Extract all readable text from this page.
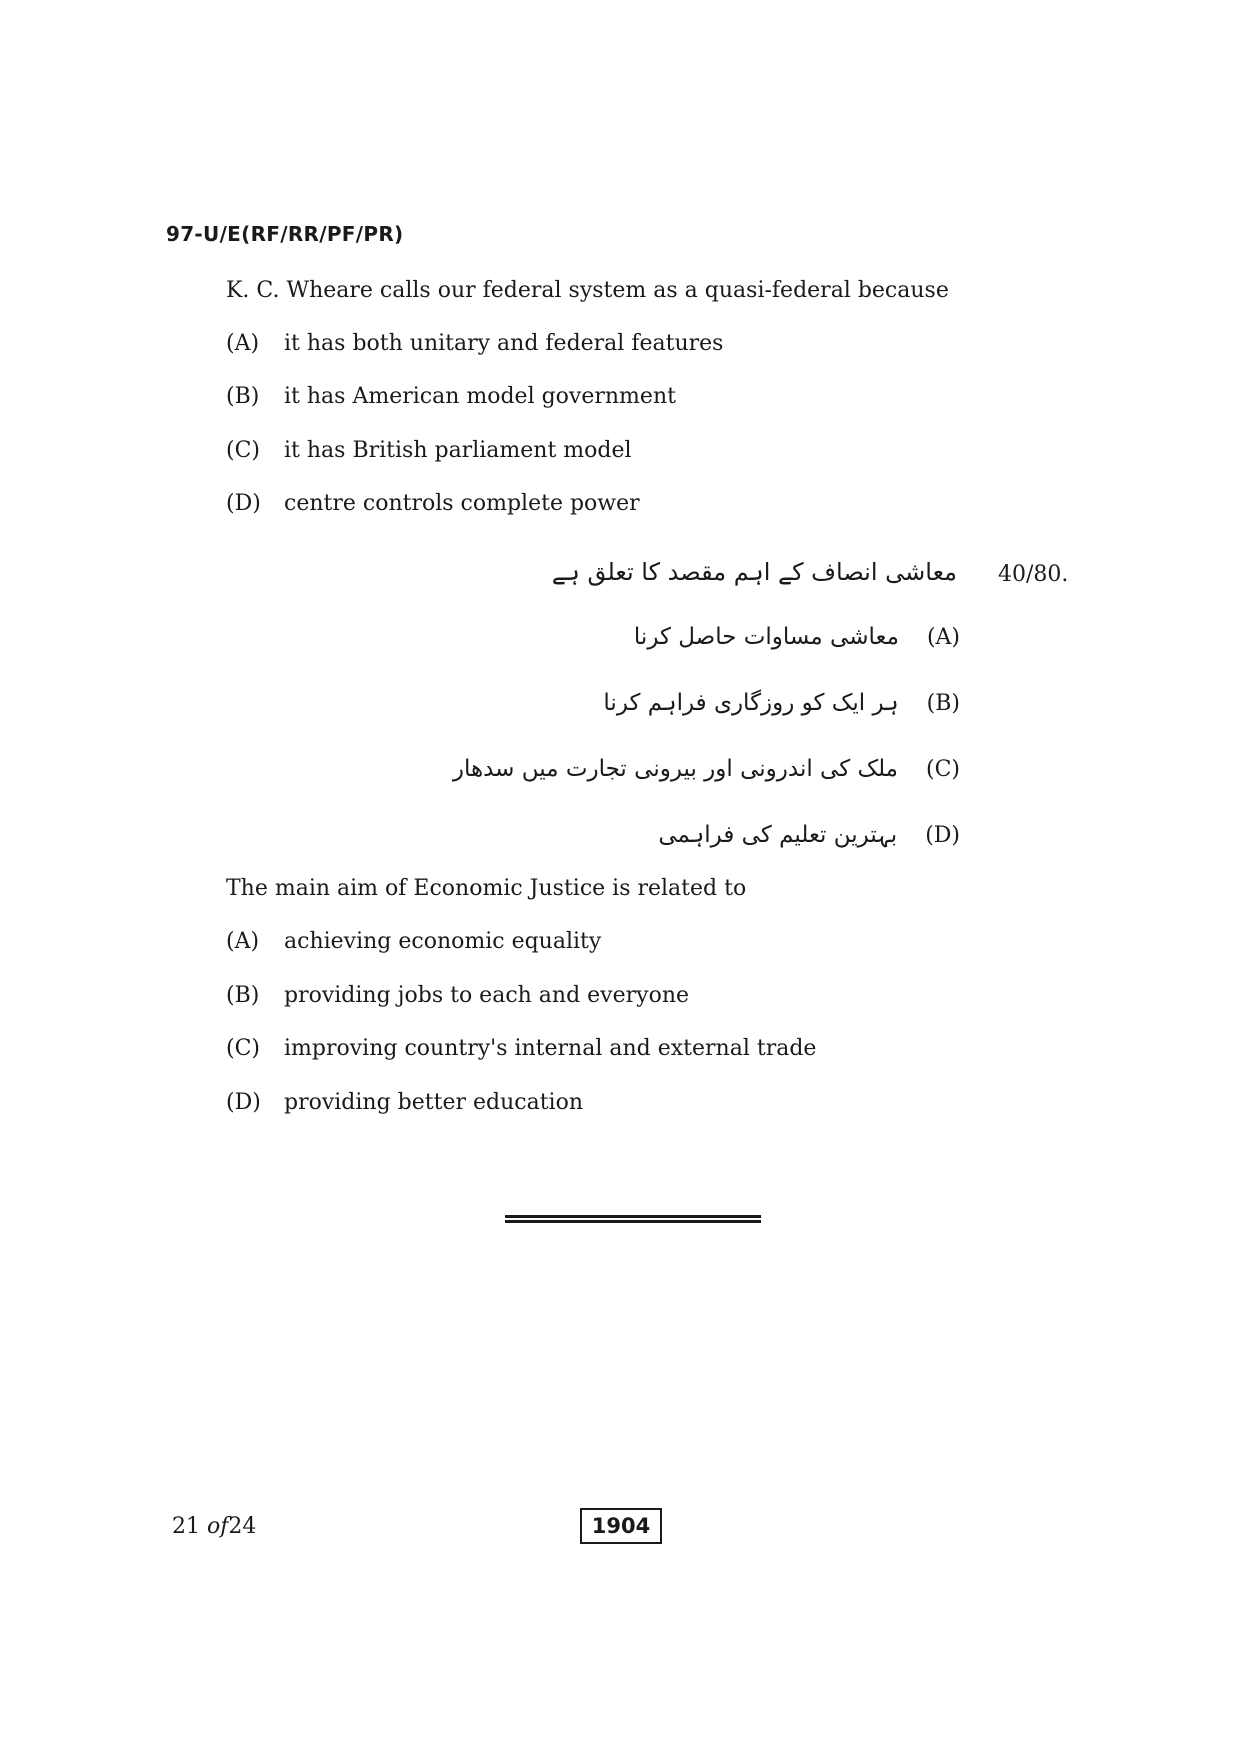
97-U/E(RF/RR/PF/PR)
K. C. Wheare calls our federal system as a quasi-federal because
(A) it has both unitary and federal features
(B) it has American model government
(C) it has British parliament model
(D) centre controls complete power
40/80.
معاشی انصاف کے اہم مقصد کا تعلق ہے
معاشی مساوات حاصل کرنا (A)
ہر ایک کو روزگاری فراہم کرنا (B)
ملک کی اندرونی اور بیرونی تجارت میں سدھار (C)
بہترین تعلیم کی فراہمی (D)
The main aim of Economic Justice is related to
(A) achieving economic equality
(B) providing jobs to each and everyone
(C) improving country's internal and external trade
(D) providing better education
21 of24	1904
